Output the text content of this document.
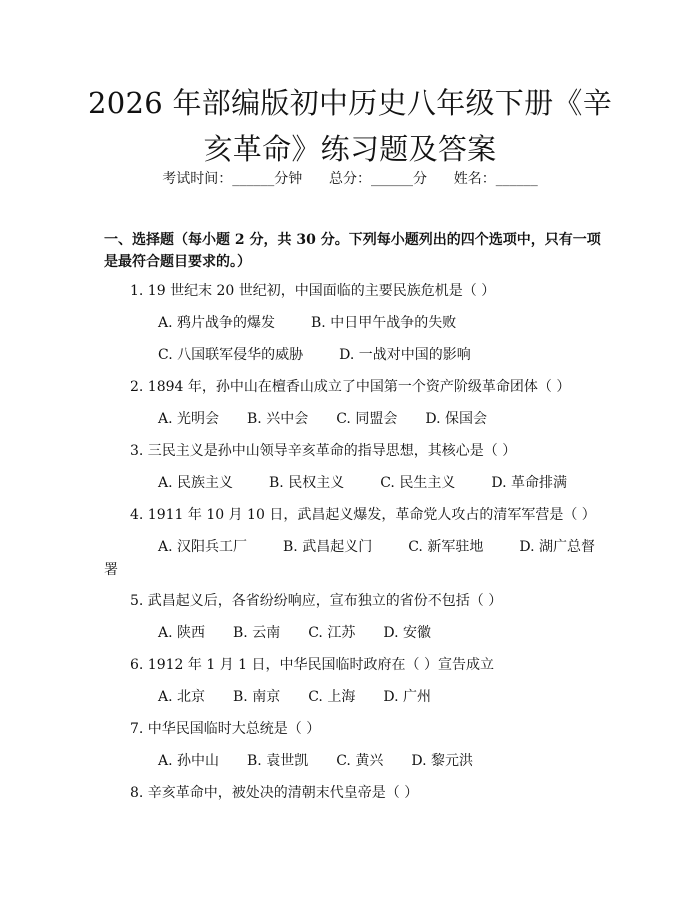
2026 年部编版初中历史八年级下册《辛亥革命》练习题及答案
考试时间：______分钟      总分：______分      姓名：______
一、选择题（每小题 2 分，共 30 分。下列每小题列出的四个选项中，只有一项是最符合题目要求的。）
1. 19 世纪末 20 世纪初，中国面临的主要民族危机是（ ）
A. 鸦片战争的爆发	B. 中日甲午战争的失败
C. 八国联军侵华的威胁	D. 一战对中国的影响
2. 1894 年，孙中山在檀香山成立了中国第一个资产阶级革命团体（ ）
A. 光明会 B. 兴中会 C. 同盟会 D. 保国会
3. 三民主义是孙中山领导辛亥革命的指导思想，其核心是（ ）
A. 民族主义	B. 民权主义	C. 民生主义	D. 革命排满
4. 1911 年 10 月 10 日，武昌起义爆发，革命党人攻占的清军军营是（ ）
A. 汉阳兵工厂	B. 武昌起义门	C. 新军驻地	D. 湖广总督
署
5. 武昌起义后，各省纷纷响应，宣布独立的省份不包括（ ）
A. 陕西 B. 云南 C. 江苏 D. 安徽
6. 1912 年 1 月 1 日，中华民国临时政府在（ ）宣告成立
A. 北京 B. 南京 C. 上海 D. 广州
7. 中华民国临时大总统是（ ）
A. 孙中山 B. 袁世凯 C. 黄兴 D. 黎元洪
8. 辛亥革命中，被处决的清朝末代皇帝是（ ）
